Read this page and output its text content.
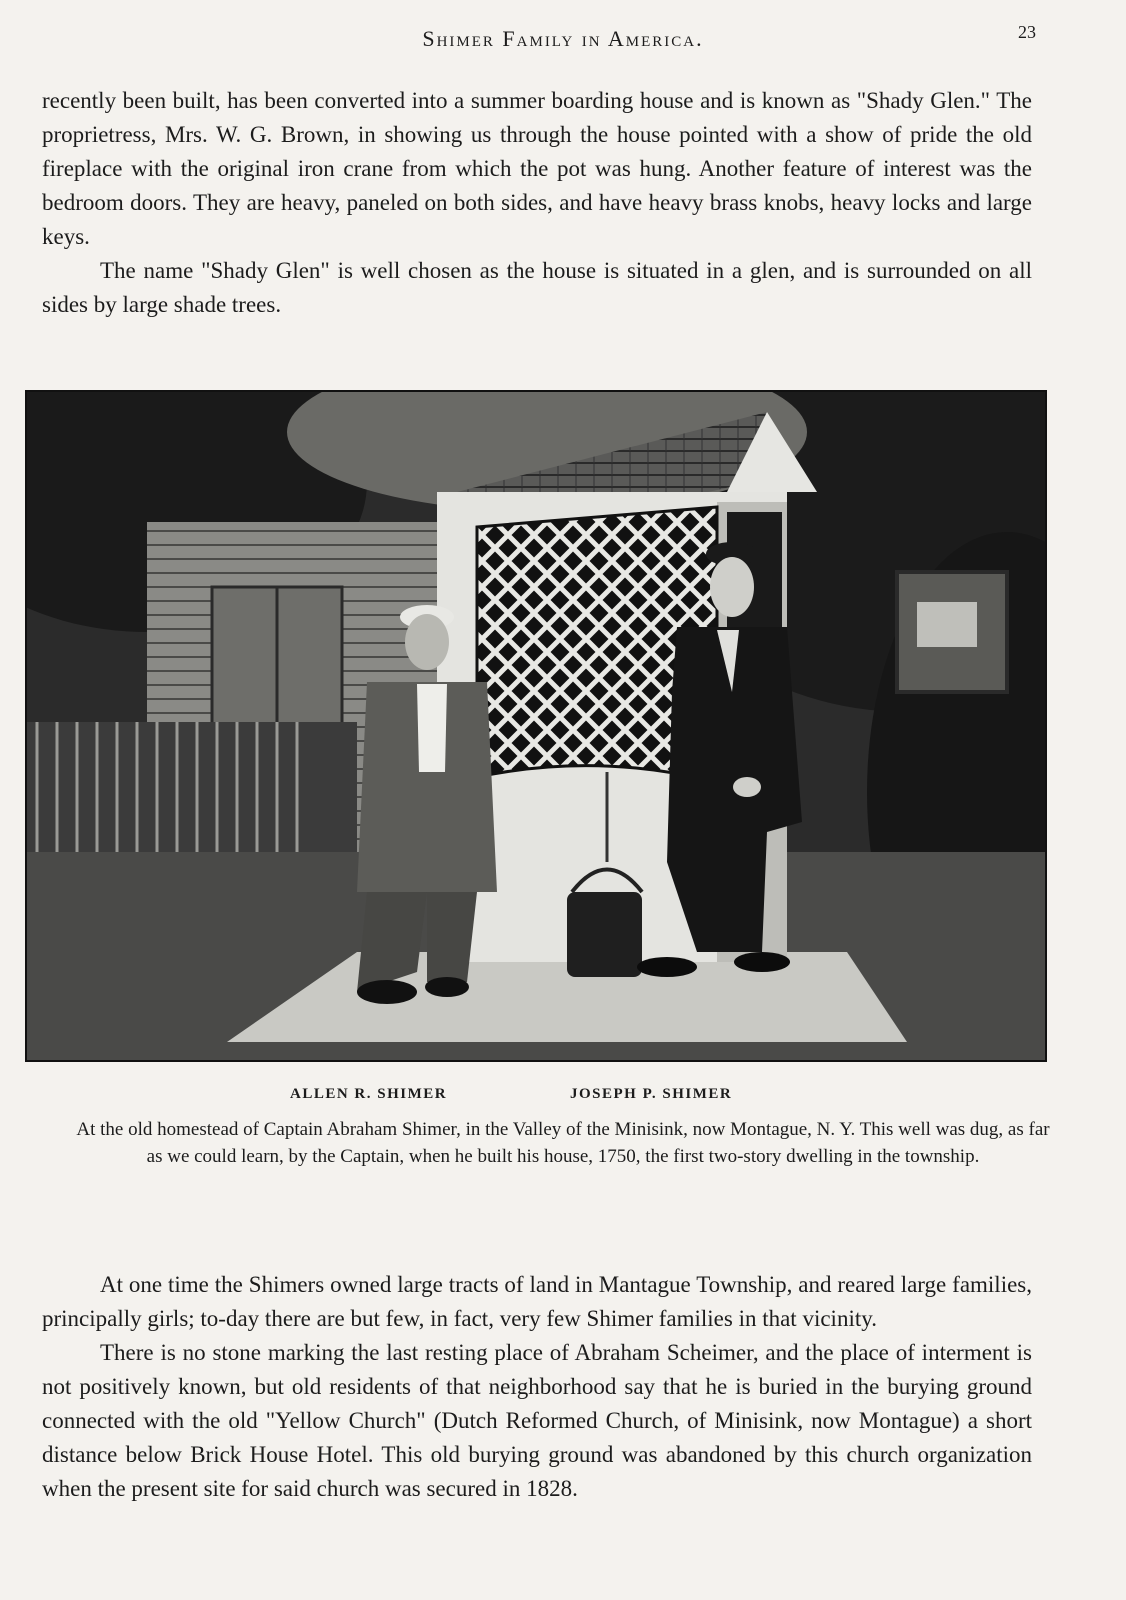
Shimer Family in America.	23

recently been built, has been converted into a summer boarding house and is known as "Shady Glen." The proprietress, Mrs. W. G. Brown, in showing us through the house pointed with a show of pride the old fireplace with the original iron crane from which the pot was hung. Another feature of interest was the bedroom doors. They are heavy, paneled on both sides, and have heavy brass knobs, heavy locks and large keys.

The name "Shady Glen" is well chosen as the house is situated in a glen, and is surrounded on all sides by large shade trees.

ALLEN R. SHIMER	JOSEPH P. SHIMER
At the old homestead of Captain Abraham Shimer, in the Valley of the Minisink, now Montague, N. Y. This well was dug, as far as we could learn, by the Captain, when he built his house, 1750, the first two-story dwelling in the township.

At one time the Shimers owned large tracts of land in Mantague Township, and reared large families, principally girls; to-day there are but few, in fact, very few Shimer families in that vicinity.

There is no stone marking the last resting place of Abraham Scheimer, and the place of interment is not positively known, but old residents of that neighborhood say that he is buried in the burying ground connected with the old "Yellow Church" (Dutch Reformed Church, of Minisink, now Montague) a short distance below Brick House Hotel. This old burying ground was abandoned by this church organization when the present site for said church was secured in 1828.
